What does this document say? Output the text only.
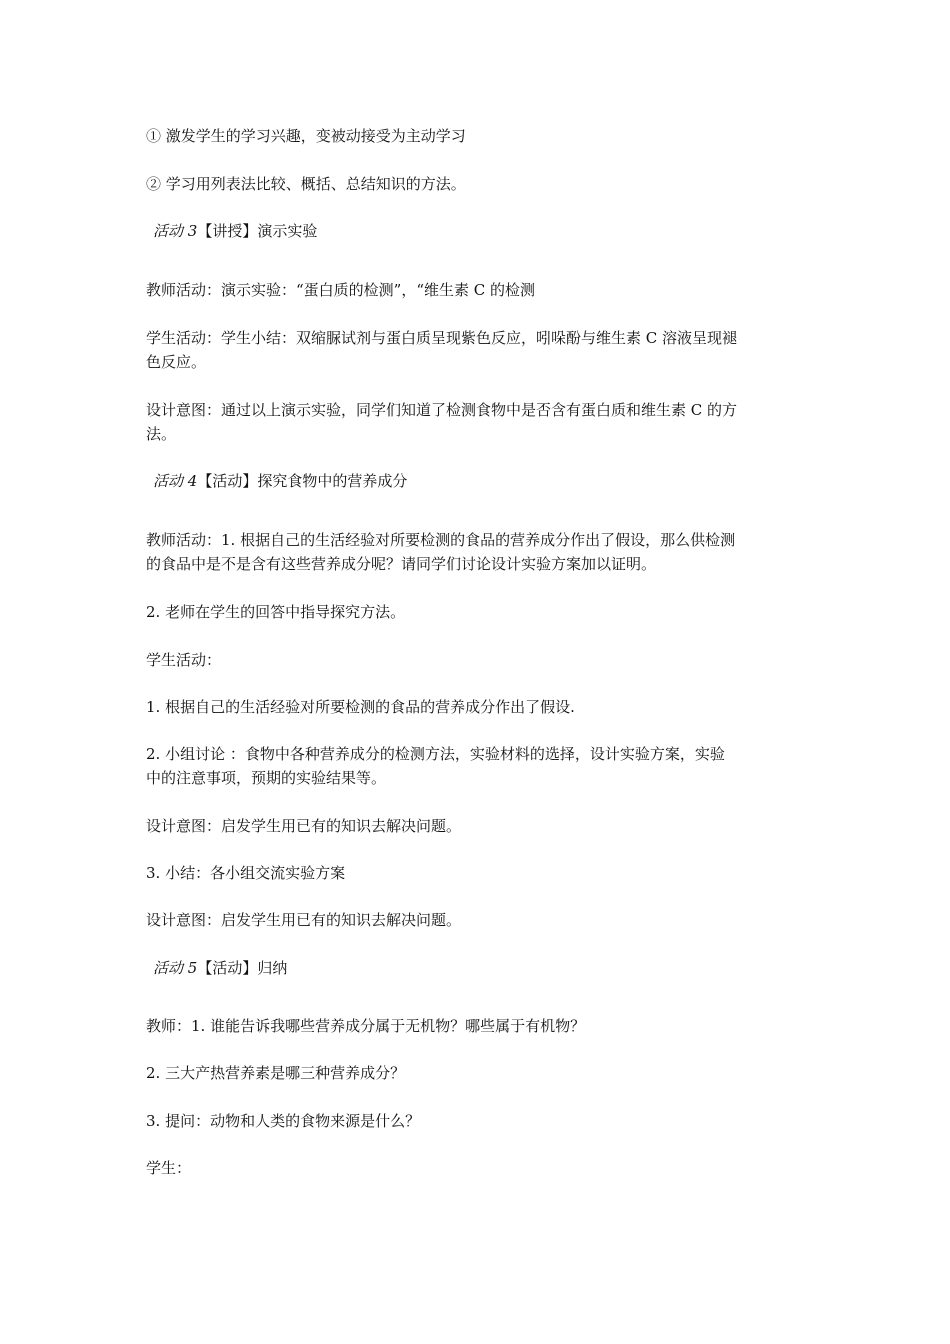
① 激发学生的学习兴趣，变被动接受为主动学习
② 学习用列表法比较、概括、总结知识的方法。
活动 3【讲授】演示实验
教师活动：演示实验：“蛋白质的检测”，“维生素 C 的检测
学生活动：学生小结：双缩脲试剂与蛋白质呈现紫色反应，吲哚酚与维生素 C 溶液呈现褪
色反应。
设计意图：通过以上演示实验，同学们知道了检测食物中是否含有蛋白质和维生素 C 的方
法。
活动 4【活动】探究食物中的营养成分
教师活动：1. 根据自己的生活经验对所要检测的食品的营养成分作出了假设，那么供检测
的食品中是不是含有这些营养成分呢？请同学们讨论设计实验方案加以证明。
2. 老师在学生的回答中指导探究方法。
学生活动：
1. 根据自己的生活经验对所要检测的食品的营养成分作出了假设.
2. 小组讨论 ：食物中各种营养成分的检测方法，实验材料的选择，设计实验方案，实验
中的注意事项，预期的实验结果等。
设计意图：启发学生用已有的知识去解决问题。
3. 小结：各小组交流实验方案
设计意图：启发学生用已有的知识去解决问题。
活动 5【活动】归纳
教师：1. 谁能告诉我哪些营养成分属于无机物？哪些属于有机物？
2. 三大产热营养素是哪三种营养成分？
3. 提问：动物和人类的食物来源是什么？
学生：
